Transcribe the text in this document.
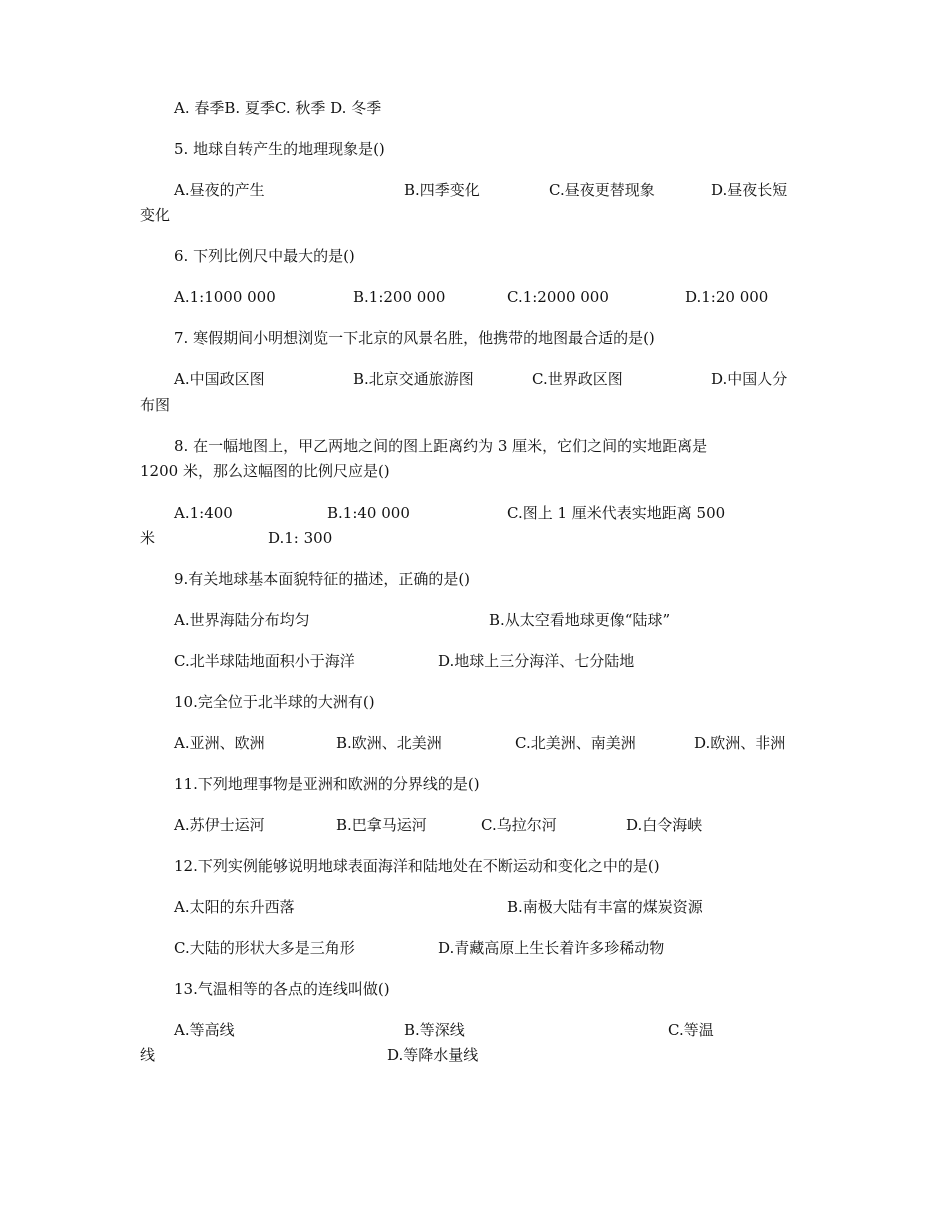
A. 春季B. 夏季C. 秋季 D. 冬季
5. 地球自转产生的地理现象是()
A.昼夜的产生	B.四季变化	C.昼夜更替现象	D.昼夜长短
变化
6. 下列比例尺中最大的是()
A.1:1000 000	B.1:200 000	C.1:2000 000	D.1:20 000
7. 寒假期间小明想浏览一下北京的风景名胜，他携带的地图最合适的是()
A.中国政区图	B.北京交通旅游图	C.世界政区图	D.中国人分
布图
8. 在一幅地图上，甲乙两地之间的图上距离约为 3 厘米，它们之间的实地距离是
1200 米，那么这幅图的比例尺应是()
A.1:400	B.1:40 000	C.图上 1 厘米代表实地距离 500
米	D.1: 300
9.有关地球基本面貌特征的描述，正确的是()
A.世界海陆分布均匀	B.从太空看地球更像“陆球”
C.北半球陆地面积小于海洋	D.地球上三分海洋、七分陆地
10.完全位于北半球的大洲有()
A.亚洲、欧洲	B.欧洲、北美洲	C.北美洲、南美洲	D.欧洲、非洲
11.下列地理事物是亚洲和欧洲的分界线的是()
A.苏伊士运河	B.巴拿马运河	C.乌拉尔河	D.白令海峡
12.下列实例能够说明地球表面海洋和陆地处在不断运动和变化之中的是()
A.太阳的东升西落	B.南极大陆有丰富的煤炭资源
C.大陆的形状大多是三角形	D.青藏高原上生长着许多珍稀动物
13.气温相等的各点的连线叫做()
A.等高线	B.等深线	C.等温
线	D.等降水量线
